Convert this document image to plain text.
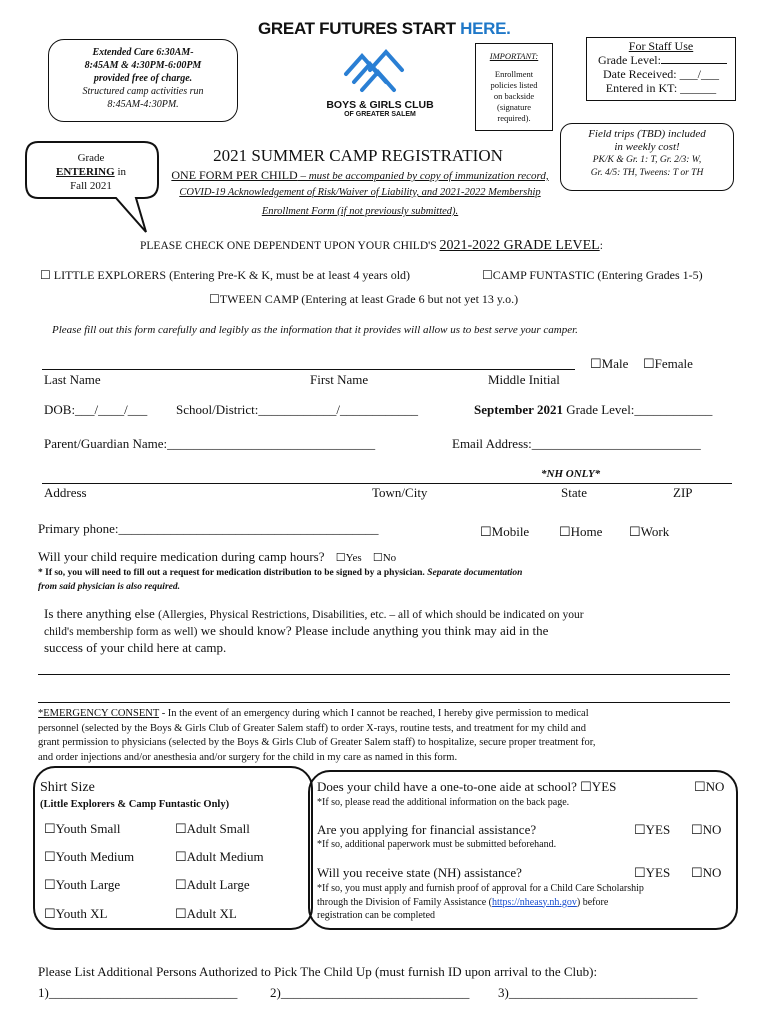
GREAT FUTURES START HERE.
Extended Care 6:30AM-
8:45AM & 4:30PM-6:00PM
provided free of charge.
Structured camp activities run
8:45AM-4:30PM.	BOYS & GIRLS CLUB
OF GREATER SALEM
IMPORTANT:
Enrollment
policies listed
on backside
(signature
required).
For Staff Use
Grade Level:
Date Received: ___/___
Entered in KT: ______
Grade
ENTERING in
Fall 2021
2021 SUMMER CAMP REGISTRATION
ONE FORM PER CHILD – must be accompanied by copy of immunization record,
COVID-19 Acknowledgement of Risk/Waiver of Liability, and 2021-2022 Membership
Enrollment Form (if not previously submitted).
Field trips (TBD) included
in weekly cost!
PK/K & Gr. 1: T, Gr. 2/3: W,
Gr. 4/5: TH, Tweens: T or TH
PLEASE CHECK ONE DEPENDENT UPON YOUR CHILD'S 2021-2022 GRADE LEVEL:
☐ LITTLE EXPLORERS (Entering Pre-K & K, must be at least 4 years old)	☐CAMP FUNTASTIC (Entering Grades 1-5)
☐TWEEN CAMP (Entering at least Grade 6 but not yet 13 y.o.)
Please fill out this form carefully and legibly as the information that it provides will allow us to best serve your camper.
Last Name	First Name	Middle Initial
☐Male ☐Female
DOB:___/____/___ School/District:____________/____________	September 2021 Grade Level:____________
Parent/Guardian Name:________________________________	Email Address:__________________________
*NH ONLY*
Address	Town/City	State	ZIP
Primary phone:________________________________________	☐Mobile ☐Home ☐Work
Will your child require medication during camp hours? ☐Yes ☐No
* If so, you will need to fill out a request for medication distribution to be signed by a physician. Separate documentation
from said physician is also required.
Is there anything else (Allergies, Physical Restrictions, Disabilities, etc. – all of which should be indicated on your
child's membership form as well) we should know? Please include anything you think may aid in the
success of your child here at camp.
*EMERGENCY CONSENT - In the event of an emergency during which I cannot be reached, I hereby give permission to medical
personnel (selected by the Boys & Girls Club of Greater Salem staff) to order X-rays, routine tests, and treatment for my child and
grant permission to physicians (selected by the Boys & Girls Club of Greater Salem staff) to hospitalize, secure proper treatment for,
and order injections and/or anesthesia and/or surgery for the child in my care as named in this form.
Shirt Size
(Little Explorers & Camp Funtastic Only)
☐Youth Small	☐Adult Small
☐Youth Medium	☐Adult Medium
☐Youth Large	☐Adult Large
☐Youth XL	☐Adult XL
Does your child have a one-to-one aide at school? ☐YES	☐NO
*If so, please read the additional information on the back page.
Are you applying for financial assistance?	☐YES ☐NO
*If so, additional paperwork must be submitted beforehand.
Will you receive state (NH) assistance?	☐YES ☐NO
*If so, you must apply and furnish proof of approval for a Child Care Scholarship
through the Division of Family Assistance (https://nheasy.nh.gov) before
registration can be completed
Please List Additional Persons Authorized to Pick The Child Up (must furnish ID upon arrival to the Club):
1)_____________________________	2)_____________________________ 3)_____________________________
